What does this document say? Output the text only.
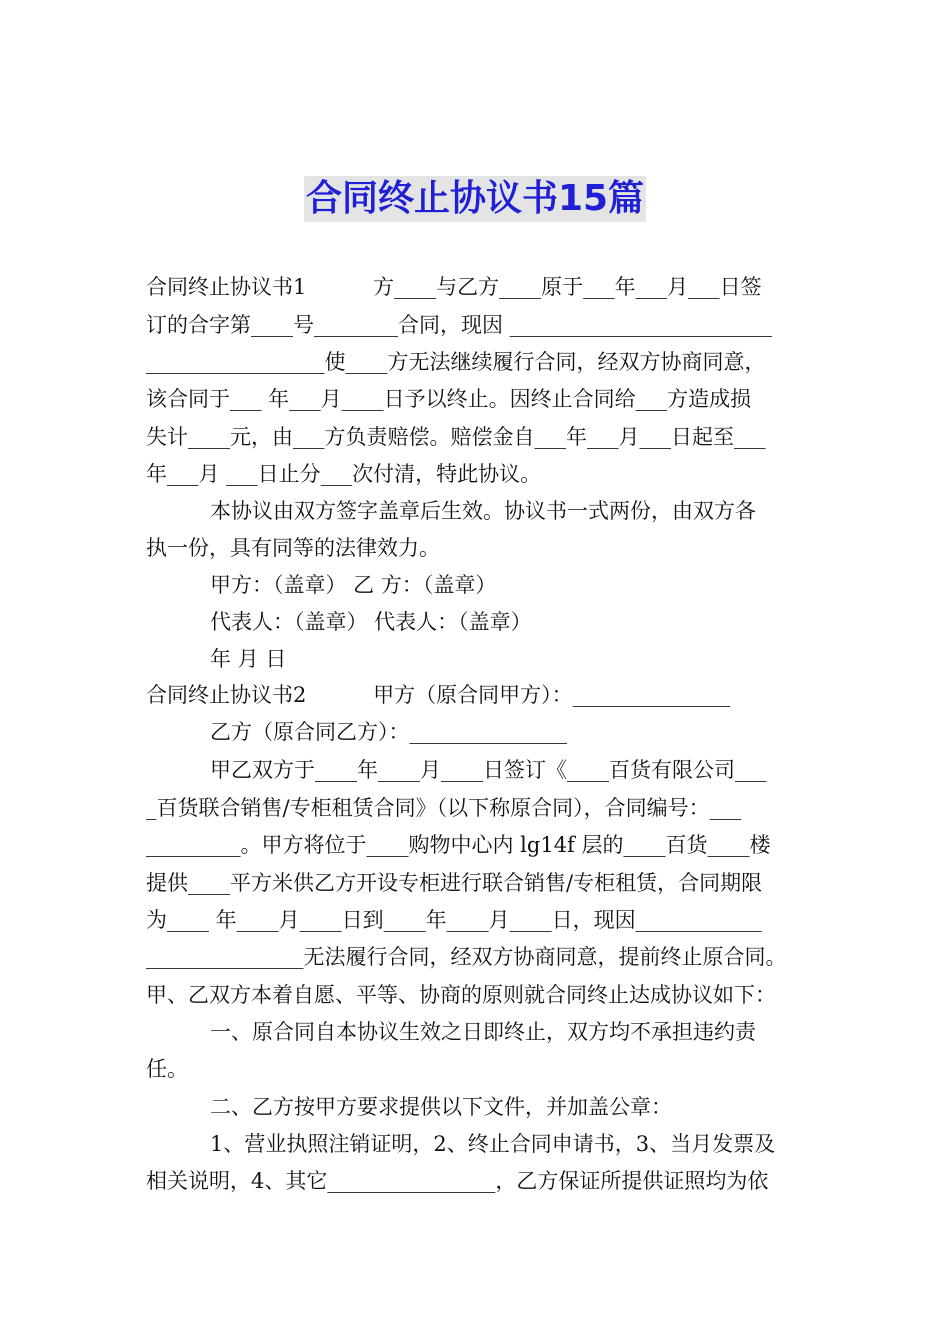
合同终止协议书15篇
合同终止协议书1          方____与乙方____原于___年___月___日签
订的合字第____号________合同，现因 _________________________
_________________使____方无法继续履行合同，经双方协商同意，
该合同于___ 年___月____日予以终止。因终止合同给___方造成损
失计____元，由___方负责赔偿。赔偿金自___年___月___日起至___
年___月 ___日止分___次付清，特此协议。
本协议由双方签字盖章后生效。协议书一式两份，由双方各
执一份，具有同等的法律效力。
甲方：（盖章） 乙 方：（盖章）
代表人：（盖章） 代表人：（盖章）
年 月 日
合同终止协议书2          甲方（原合同甲方）：_______________
乙方（原合同乙方）：_______________
甲乙双方于____年____月____日签订《____百货有限公司___
_百货联合销售/专柜租赁合同》（以下称原合同），合同编号：___
_________。甲方将位于____购物中心内 lg14f 层的____百货____楼
提供____平方米供乙方开设专柜进行联合销售/专柜租赁，合同期限
为____ 年____月____日到____年____月____日，现因____________
_______________无法履行合同，经双方协商同意，提前终止原合同。
甲、乙双方本着自愿、平等、协商的原则就合同终止达成协议如下：
一、原合同自本协议生效之日即终止，双方均不承担违约责
任。
二、乙方按甲方要求提供以下文件，并加盖公章：
1、营业执照注销证明，2、终止合同申请书，3、当月发票及
相关说明，4、其它________________，乙方保证所提供证照均为依
